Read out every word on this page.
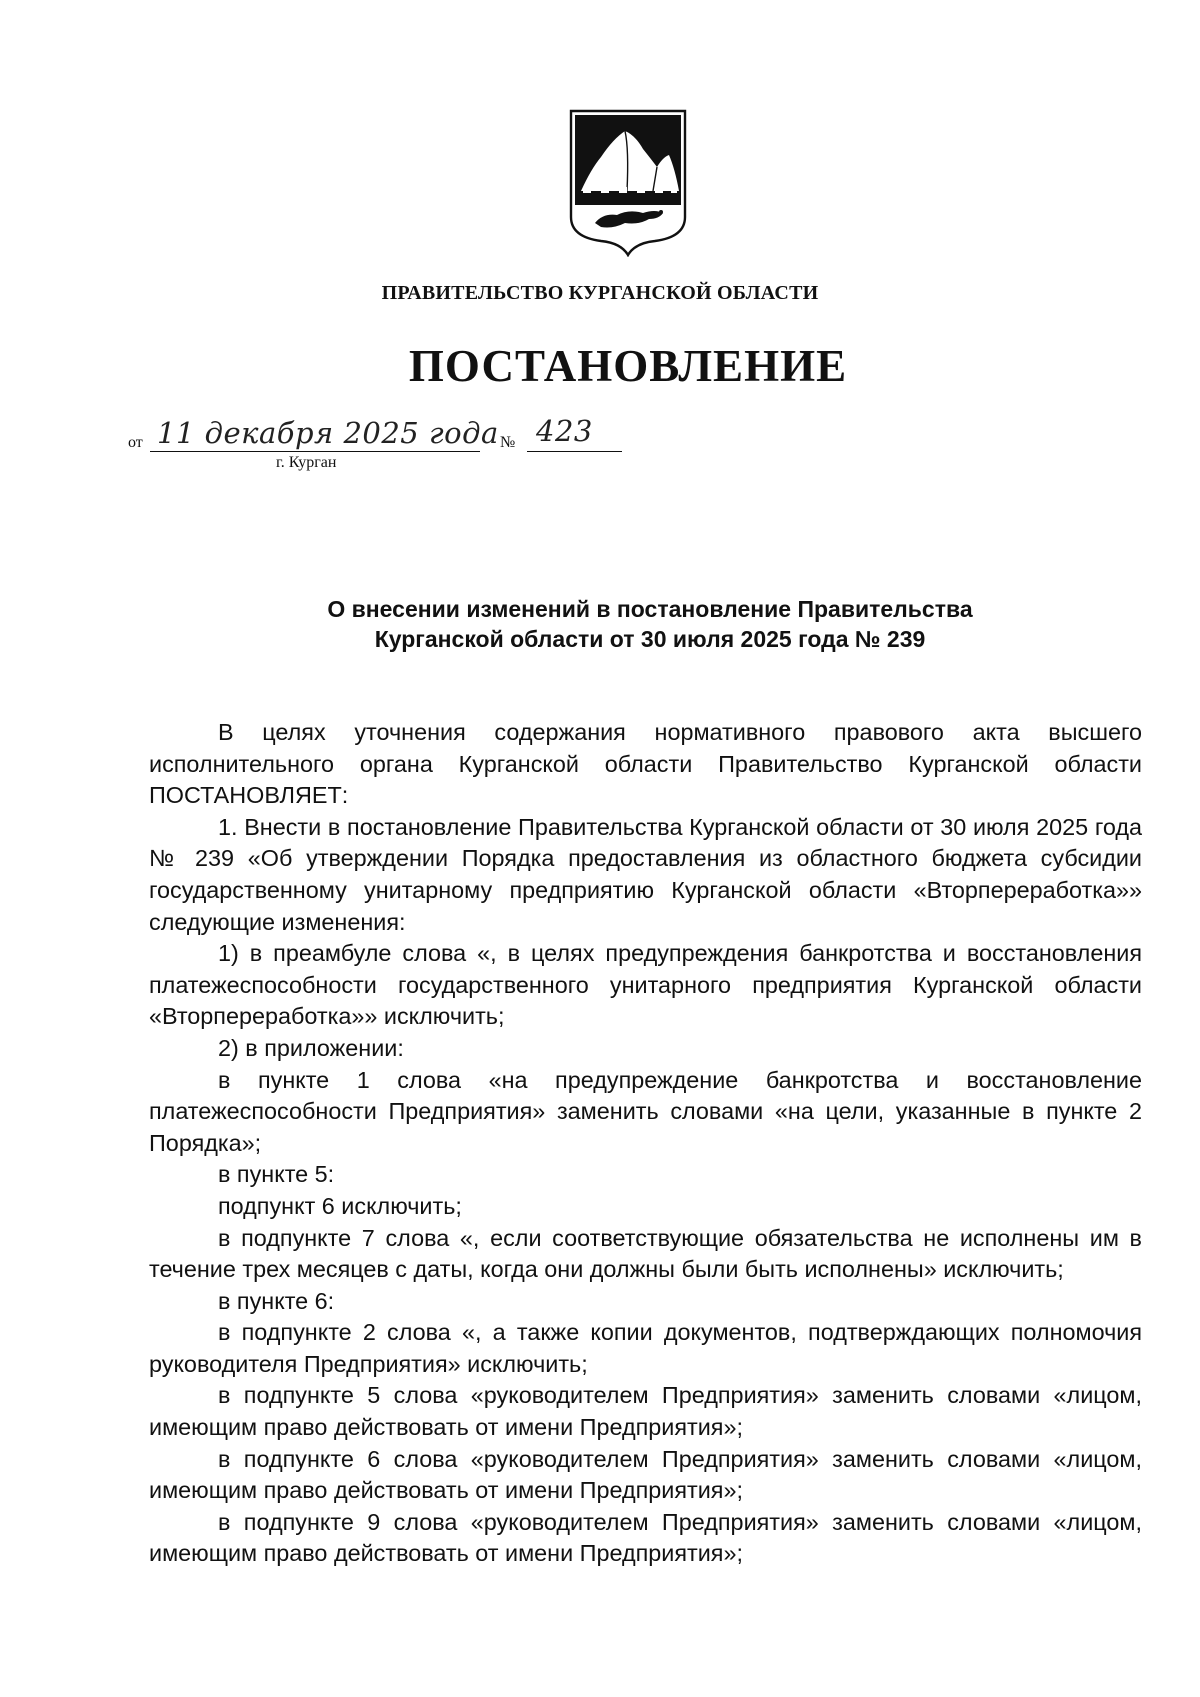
ПРАВИТЕЛЬСТВО КУРГАНСКОЙ ОБЛАСТИ
ПОСТАНОВЛЕНИЕ
от 11 декабря 2025 года № 423
г. Курган
О внесении изменений в постановление Правительства
Курганской области от 30 июля 2025 года № 239

В целях уточнения содержания нормативного правового акта высшего исполнительного органа Курганской области Правительство Курганской области ПОСТАНОВЛЯЕТ:

1. Внести в постановление Правительства Курганской области от 30 июля 2025 года № 239 «Об утверждении Порядка предоставления из областного бюджета субсидии государственному унитарному предприятию Курганской области «Вторпереработка»» следующие изменения:

1) в преамбуле слова «, в целях предупреждения банкротства и восстановления платежеспособности государственного унитарного предприятия Курганской области «Вторпереработка»» исключить;

2) в приложении:

в пункте 1 слова «на предупреждение банкротства и восстановление платежеспособности Предприятия» заменить словами «на цели, указанные в пункте 2 Порядка»;

в пункте 5:

подпункт 6 исключить;

в подпункте 7 слова «, если соответствующие обязательства не исполнены им в течение трех месяцев с даты, когда они должны были быть исполнены» исключить;

в пункте 6:

в подпункте 2 слова «, а также копии документов, подтверждающих полномочия руководителя Предприятия» исключить;

в подпункте 5 слова «руководителем Предприятия» заменить словами «лицом, имеющим право действовать от имени Предприятия»;

в подпункте 6 слова «руководителем Предприятия» заменить словами «лицом, имеющим право действовать от имени Предприятия»;

в подпункте 9 слова «руководителем Предприятия» заменить словами «лицом, имеющим право действовать от имени Предприятия»;
